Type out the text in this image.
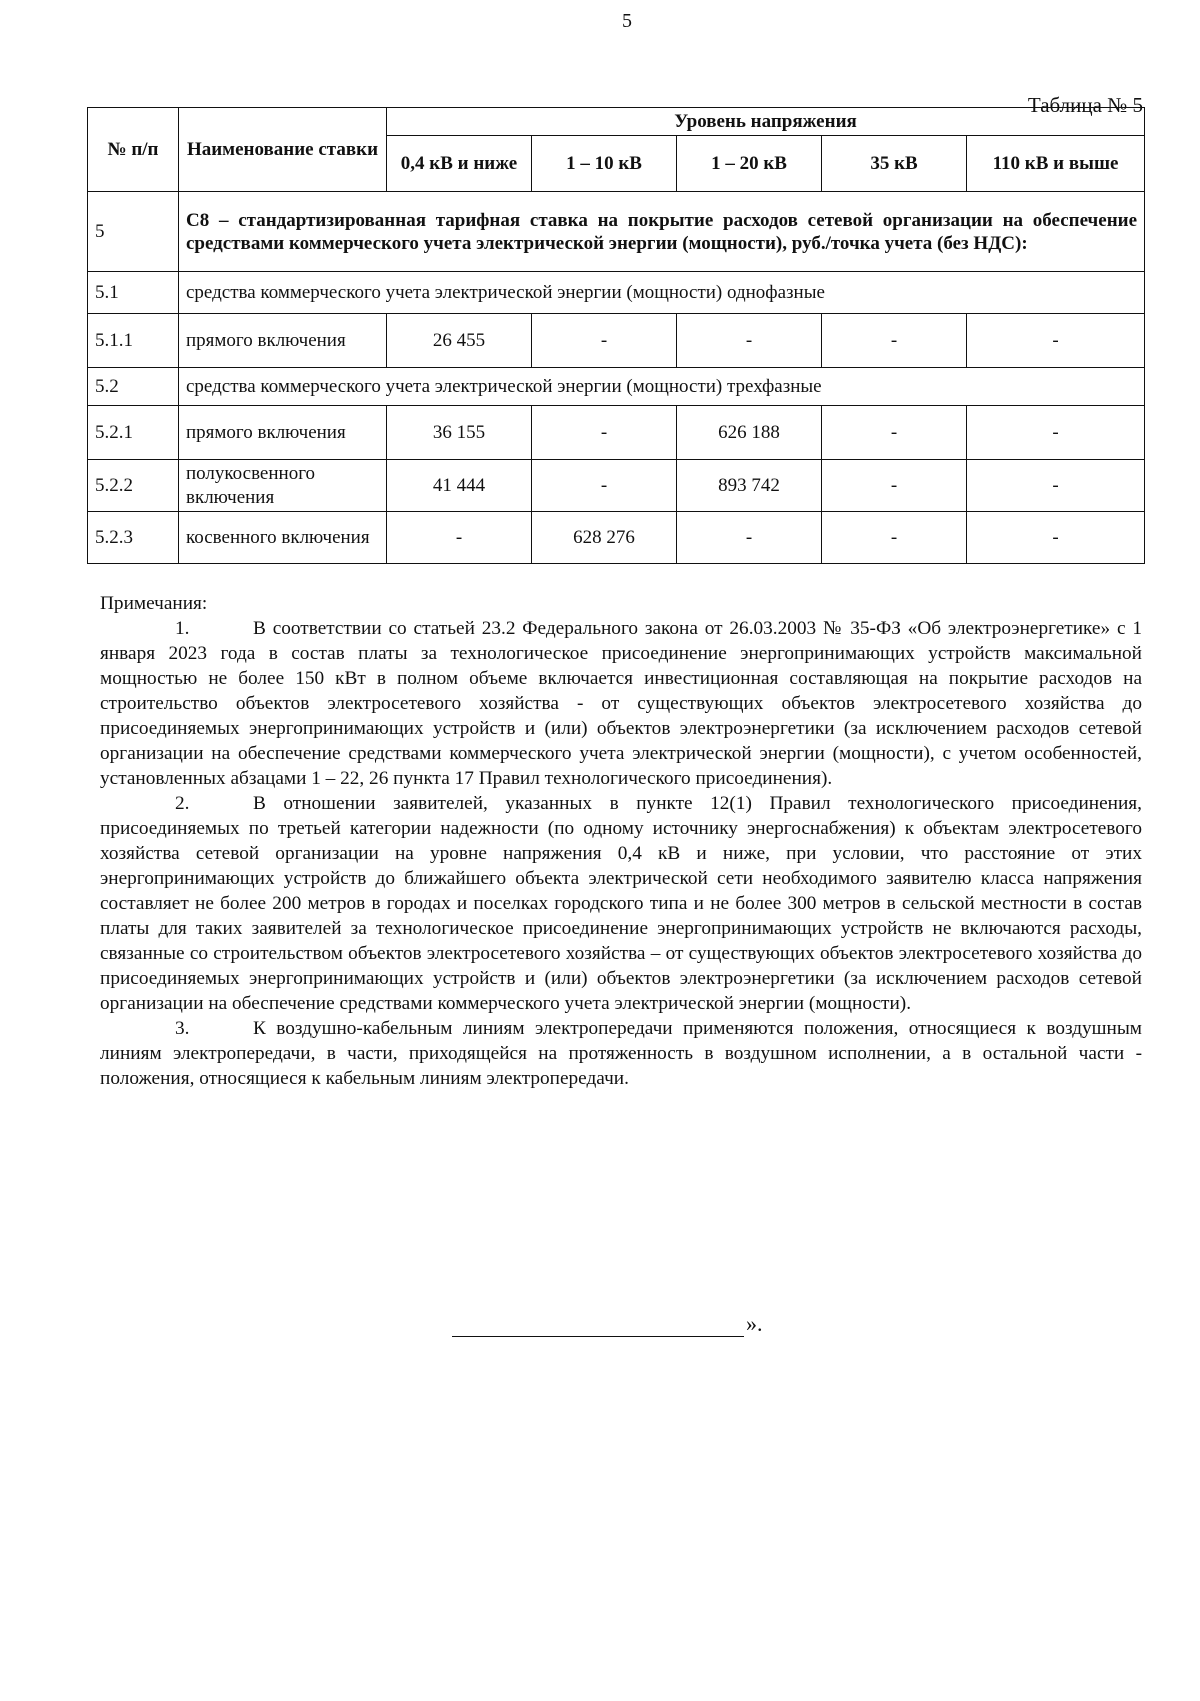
5
Таблица № 5
№ п/п	Наименование ставки	Уровень напряжения				
		0,4 кВ и ниже	1 – 10 кВ	1 – 20 кВ	35 кВ	110 кВ и выше
5	С8 – стандартизированная тарифная ставка на покрытие расходов сетевой организации на обеспечение средствами коммерческого учета электрической энергии (мощности), руб./точка учета (без НДС):					
5.1	средства коммерческого учета электрической энергии (мощности) однофазные					
5.1.1	прямого включения	26 455	-	-	-	-
5.2	средства коммерческого учета электрической энергии (мощности) трехфазные					
5.2.1	прямого включения	36 155	-	626 188	-	-
5.2.2	полукосвенного включения	41 444	-	893 742	-	-
5.2.3	косвенного включения	-	628 276	-	-	-

Примечания:

1.	В соответствии со статьей 23.2 Федерального закона от 26.03.2003 № 35-ФЗ «Об электроэнергетике» с 1 января 2023 года в состав платы за технологическое присоединение энергопринимающих устройств максимальной мощностью не более 150 кВт в полном объеме включается инвестиционная составляющая на покрытие расходов на строительство объектов электросетевого хозяйства - от существующих объектов электросетевого хозяйства до присоединяемых энергопринимающих устройств и (или) объектов электроэнергетики (за исключением расходов сетевой организации на обеспечение средствами коммерческого учета электрической энергии (мощности), с учетом особенностей, установленных абзацами 1 – 22, 26 пункта 17 Правил технологического присоединения).

2.	В отношении заявителей, указанных в пункте 12(1) Правил технологического присоединения, присоединяемых по третьей категории надежности (по одному источнику энергоснабжения) к объектам электросетевого хозяйства сетевой организации на уровне напряжения 0,4 кВ и ниже, при условии, что расстояние от этих энергопринимающих устройств до ближайшего объекта электрической сети необходимого заявителю класса напряжения составляет не более 200 метров в городах и поселках городского типа и не более 300 метров в сельской местности в состав платы для таких заявителей за технологическое присоединение энергопринимающих устройств не включаются расходы, связанные со строительством объектов электросетевого хозяйства – от существующих объектов электросетевого хозяйства до присоединяемых энергопринимающих устройств и (или) объектов электроэнергетики (за исключением расходов сетевой организации на обеспечение средствами коммерческого учета электрической энергии (мощности).

3.	К воздушно-кабельным линиям электропередачи применяются положения, относящиеся к воздушным линиям электропередачи, в части, приходящейся на протяженность в воздушном исполнении, а в остальной части - положения, относящиеся к кабельным линиям электропередачи.

».
